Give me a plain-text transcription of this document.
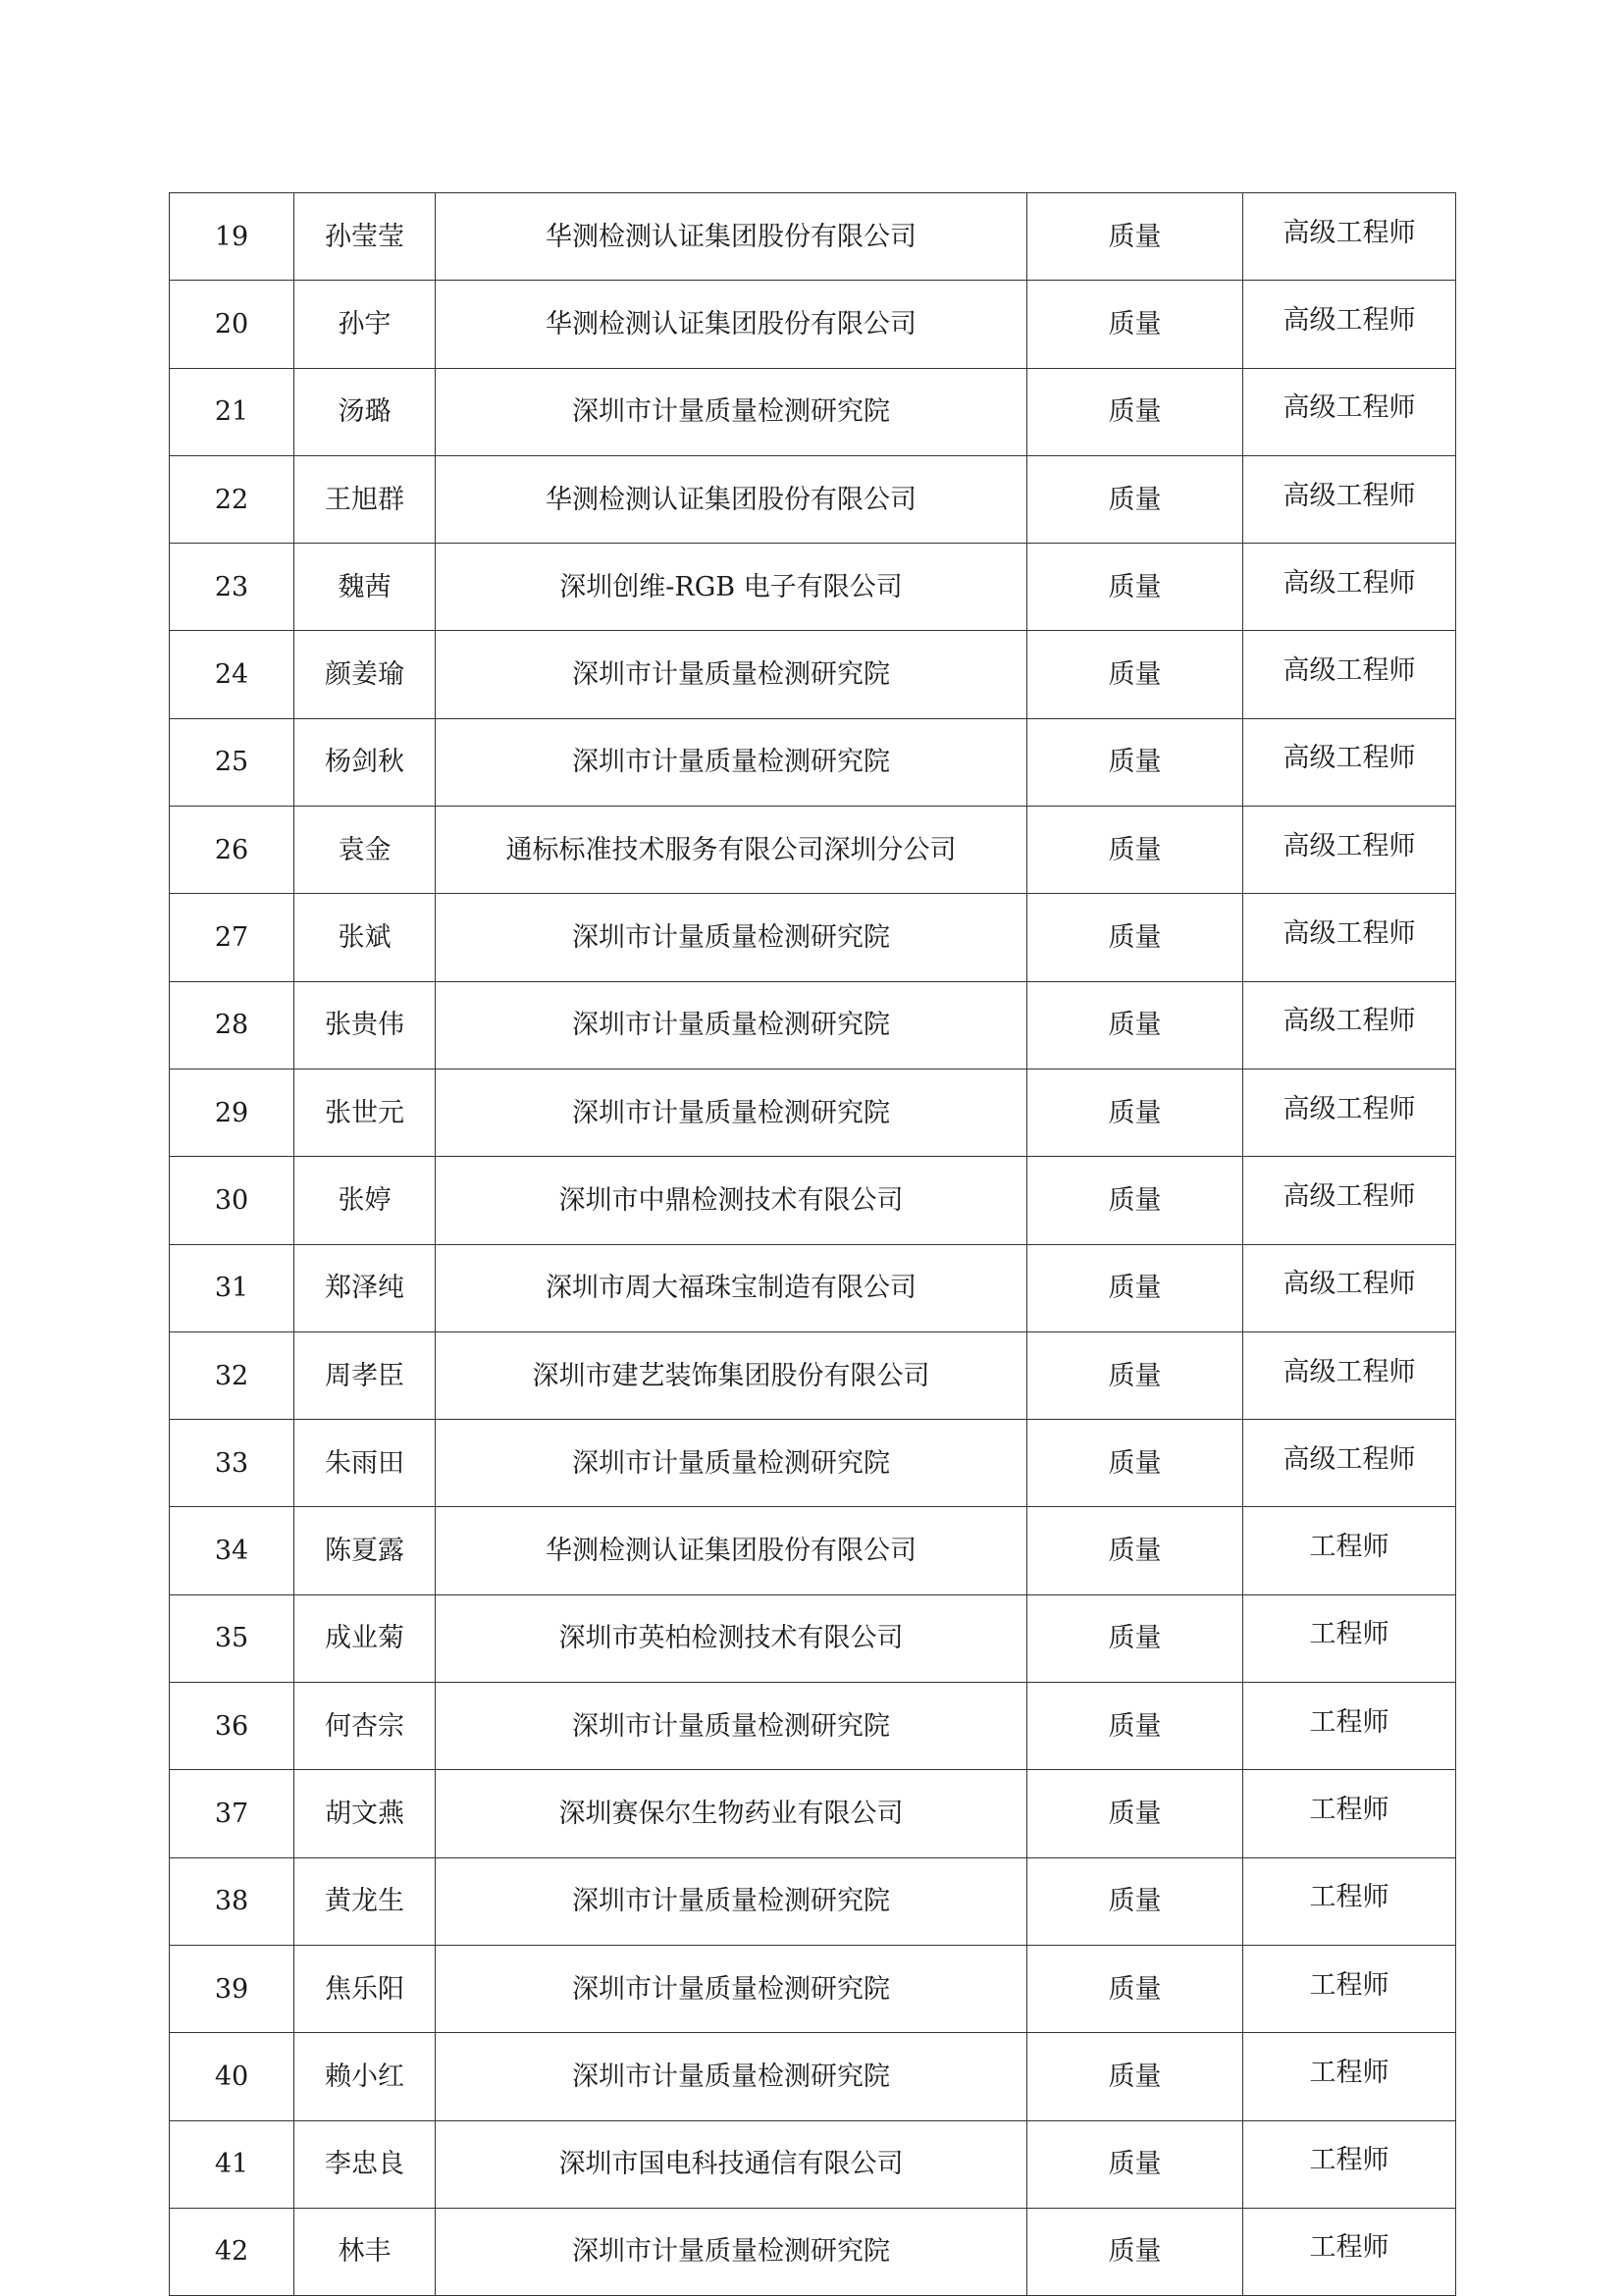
19	孙莹莹	华测检测认证集团股份有限公司	质量	高级工程师
20	孙宇	华测检测认证集团股份有限公司	质量	高级工程师
21	汤璐	深圳市计量质量检测研究院	质量	高级工程师
22	王旭群	华测检测认证集团股份有限公司	质量	高级工程师
23	魏茜	深圳创维-RGB 电子有限公司	质量	高级工程师
24	颜姜瑜	深圳市计量质量检测研究院	质量	高级工程师
25	杨剑秋	深圳市计量质量检测研究院	质量	高级工程师
26	袁金	通标标准技术服务有限公司深圳分公司	质量	高级工程师
27	张斌	深圳市计量质量检测研究院	质量	高级工程师
28	张贵伟	深圳市计量质量检测研究院	质量	高级工程师
29	张世元	深圳市计量质量检测研究院	质量	高级工程师
30	张婷	深圳市中鼎检测技术有限公司	质量	高级工程师
31	郑泽纯	深圳市周大福珠宝制造有限公司	质量	高级工程师
32	周孝臣	深圳市建艺装饰集团股份有限公司	质量	高级工程师
33	朱雨田	深圳市计量质量检测研究院	质量	高级工程师
34	陈夏露	华测检测认证集团股份有限公司	质量	工程师
35	成业菊	深圳市英柏检测技术有限公司	质量	工程师
36	何杏宗	深圳市计量质量检测研究院	质量	工程师
37	胡文燕	深圳赛保尔生物药业有限公司	质量	工程师
38	黄龙生	深圳市计量质量检测研究院	质量	工程师
39	焦乐阳	深圳市计量质量检测研究院	质量	工程师
40	赖小红	深圳市计量质量检测研究院	质量	工程师
41	李忠良	深圳市国电科技通信有限公司	质量	工程师
42	林丰	深圳市计量质量检测研究院	质量	工程师
